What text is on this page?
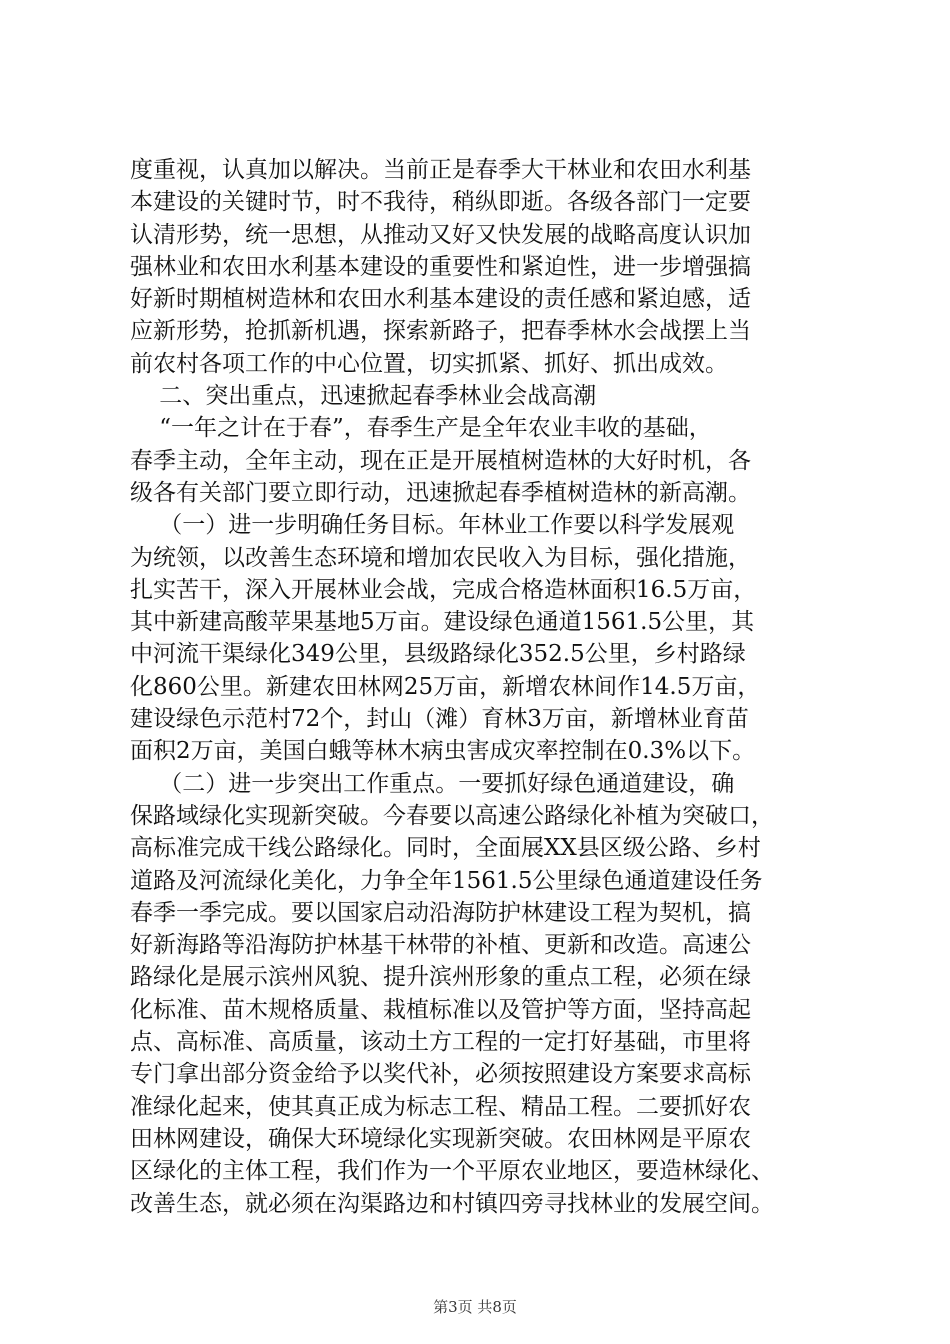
度重视，认真加以解决。当前正是春季大干林业和农田水利基
本建设的关键时节，时不我待，稍纵即逝。各级各部门一定要
认清形势，统一思想，从推动又好又快发展的战略高度认识加
强林业和农田水利基本建设的重要性和紧迫性，进一步增强搞
好新时期植树造林和农田水利基本建设的责任感和紧迫感，适
应新形势，抢抓新机遇，探索新路子，把春季林水会战摆上当
前农村各项工作的中心位置，切实抓紧、抓好、抓出成效。
二、突出重点，迅速掀起春季林业会战高潮
“一年之计在于春”，春季生产是全年农业丰收的基础，
春季主动，全年主动，现在正是开展植树造林的大好时机，各
级各有关部门要立即行动，迅速掀起春季植树造林的新高潮。
（一）进一步明确任务目标。年林业工作要以科学发展观
为统领，以改善生态环境和增加农民收入为目标，强化措施，
扎实苦干，深入开展林业会战，完成合格造林面积16.5万亩，
其中新建高酸苹果基地5万亩。建设绿色通道1561.5公里，其
中河流干渠绿化349公里，县级路绿化352.5公里，乡村路绿
化860公里。新建农田林网25万亩，新增农林间作14.5万亩，
建设绿色示范村72个，封山（滩）育林3万亩，新增林业育苗
面积2万亩，美国白蛾等林木病虫害成灾率控制在0.3%以下。
（二）进一步突出工作重点。一要抓好绿色通道建设，确
保路域绿化实现新突破。今春要以高速公路绿化补植为突破口，
高标准完成干线公路绿化。同时，全面展XX县区级公路、乡村
道路及河流绿化美化，力争全年1561.5公里绿色通道建设任务
春季一季完成。要以国家启动沿海防护林建设工程为契机，搞
好新海路等沿海防护林基干林带的补植、更新和改造。高速公
路绿化是展示滨州风貌、提升滨州形象的重点工程，必须在绿
化标准、苗木规格质量、栽植标准以及管护等方面，坚持高起
点、高标准、高质量，该动土方工程的一定打好基础，市里将
专门拿出部分资金给予以奖代补，必须按照建设方案要求高标
准绿化起来，使其真正成为标志工程、精品工程。二要抓好农
田林网建设，确保大环境绿化实现新突破。农田林网是平原农
区绿化的主体工程，我们作为一个平原农业地区，要造林绿化、
改善生态，就必须在沟渠路边和村镇四旁寻找林业的发展空间。
第3页 共8页
